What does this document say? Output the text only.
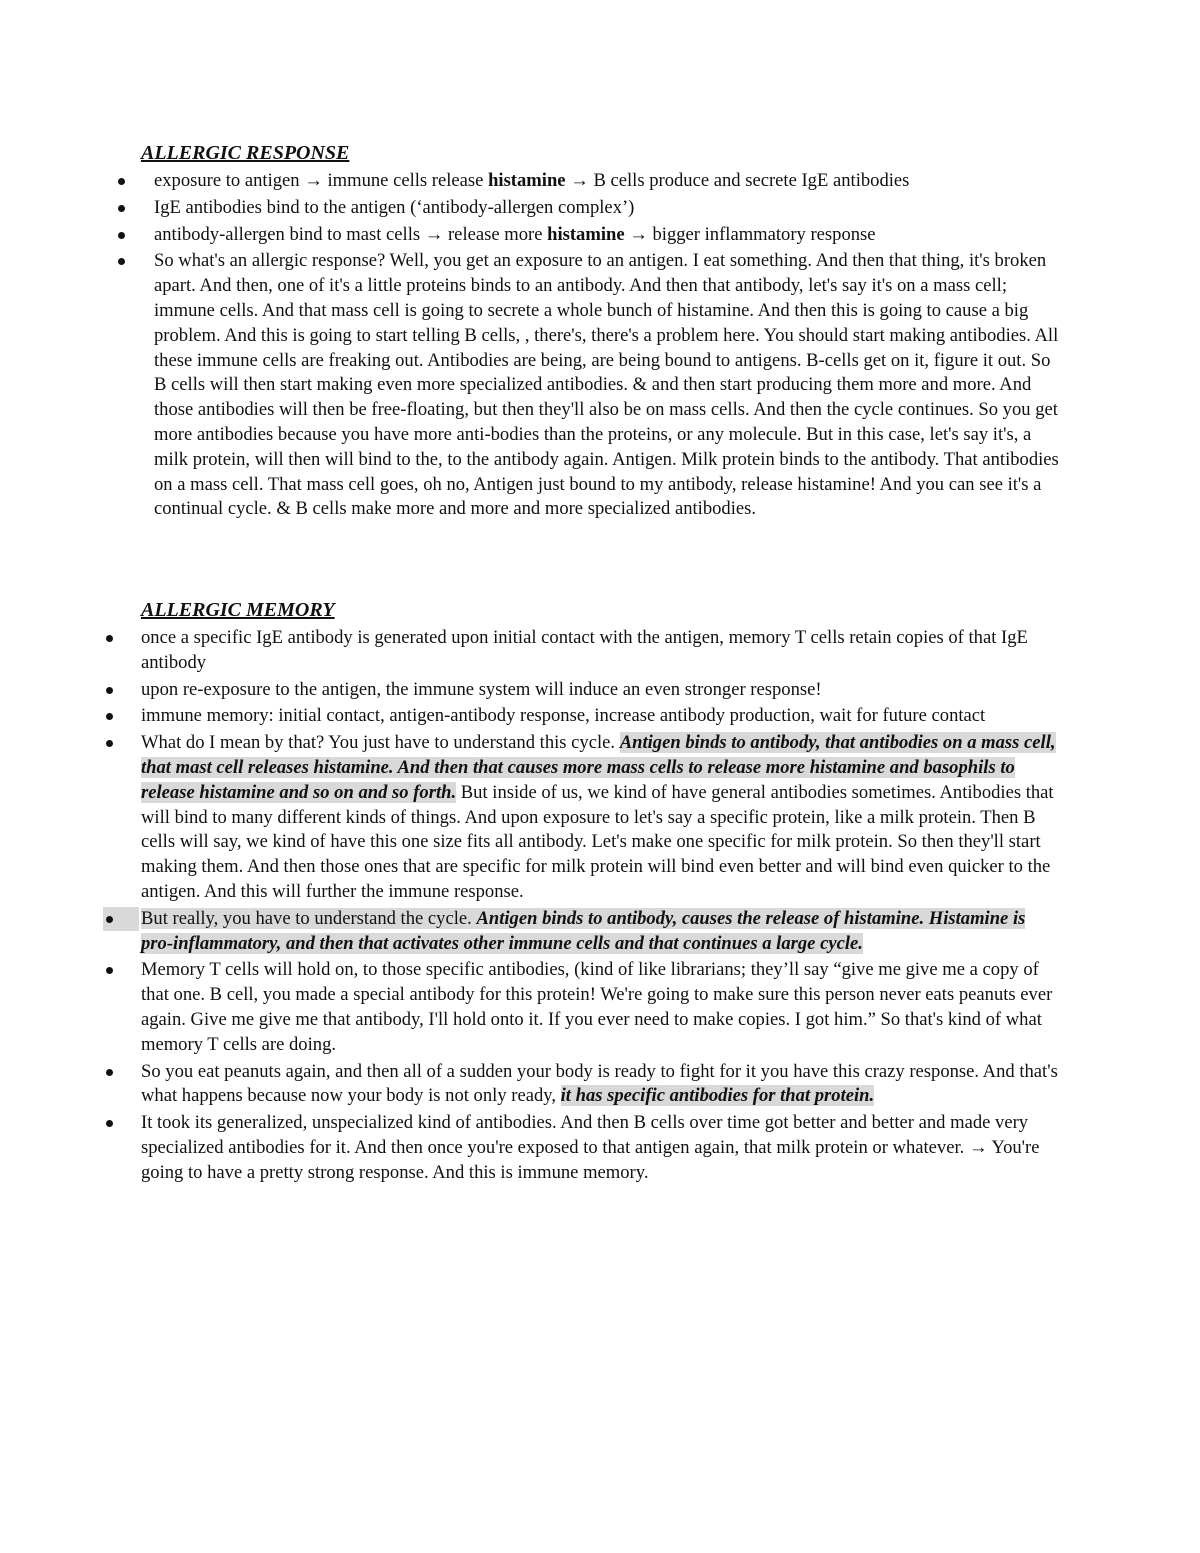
ALLERGIC RESPONSE
exposure to antigen → immune cells release histamine → B cells produce and secrete IgE antibodies
IgE antibodies bind to the antigen (‘antibody-allergen complex’)
antibody-allergen bind to mast cells → release more histamine → bigger inflammatory response
So what's an allergic response? Well, you get an exposure to an antigen. I eat something. And then that thing, it's broken apart. And then, one of it's a little proteins binds to an antibody. And then that antibody, let's say it's on a mass cell; immune cells. And that mass cell is going to secrete a whole bunch of histamine. And then this is going to cause a big problem. And this is going to start telling B cells, , there's, there's a problem here. You should start making antibodies. All these immune cells are freaking out. Antibodies are being, are being bound to antigens. B-cells get on it, figure it out. So B cells will then start making even more specialized antibodies. & and then start producing them more and more. And those antibodies will then be free-floating, but then they'll also be on mass cells. And then the cycle continues. So you get more antibodies because you have more anti-bodies than the proteins, or any molecule. But in this case, let's say it's, a milk protein, will then will bind to the, to the antibody again. Antigen. Milk protein binds to the antibody. That antibodies on a mass cell. That mass cell goes, oh no, Antigen just bound to my antibody, release histamine! And you can see it's a continual cycle. & B cells make more and more and more specialized antibodies.
ALLERGIC MEMORY
once a specific IgE antibody is generated upon initial contact with the antigen, memory T cells retain copies of that IgE antibody
upon re-exposure to the antigen, the immune system will induce an even stronger response!
immune memory: initial contact, antigen-antibody response, increase antibody production, wait for future contact
What do I mean by that? You just have to understand this cycle. Antigen binds to antibody, that antibodies on a mass cell, that mast cell releases histamine. And then that causes more mass cells to release more histamine and basophils to release histamine and so on and so forth. But inside of us, we kind of have general antibodies sometimes. Antibodies that will bind to many different kinds of things. And upon exposure to let's say a specific protein, like a milk protein. Then B cells will say, we kind of have this one size fits all antibody. Let's make one specific for milk protein. So then they'll start making them. And then those ones that are specific for milk protein will bind even better and will bind even quicker to the antigen. And this will further the immune response.
But really, you have to understand the cycle. Antigen binds to antibody, causes the release of histamine. Histamine is pro-inflammatory, and then that activates other immune cells and that continues a large cycle.
Memory T cells will hold on, to those specific antibodies, (kind of like librarians; they’ll say “give me give me a copy of that one. B cell, you made a special antibody for this protein! We're going to make sure this person never eats peanuts ever again. Give me give me that antibody, I'll hold onto it. If you ever need to make copies. I got him.” So that's kind of what memory T cells are doing.
So you eat peanuts again, and then all of a sudden your body is ready to fight for it you have this crazy response. And that's what happens because now your body is not only ready, it has specific antibodies for that protein.
It took its generalized, unspecialized kind of antibodies. And then B cells over time got better and better and made very specialized antibodies for it. And then once you're exposed to that antigen again, that milk protein or whatever. → You're going to have a pretty strong response. And this is immune memory.
